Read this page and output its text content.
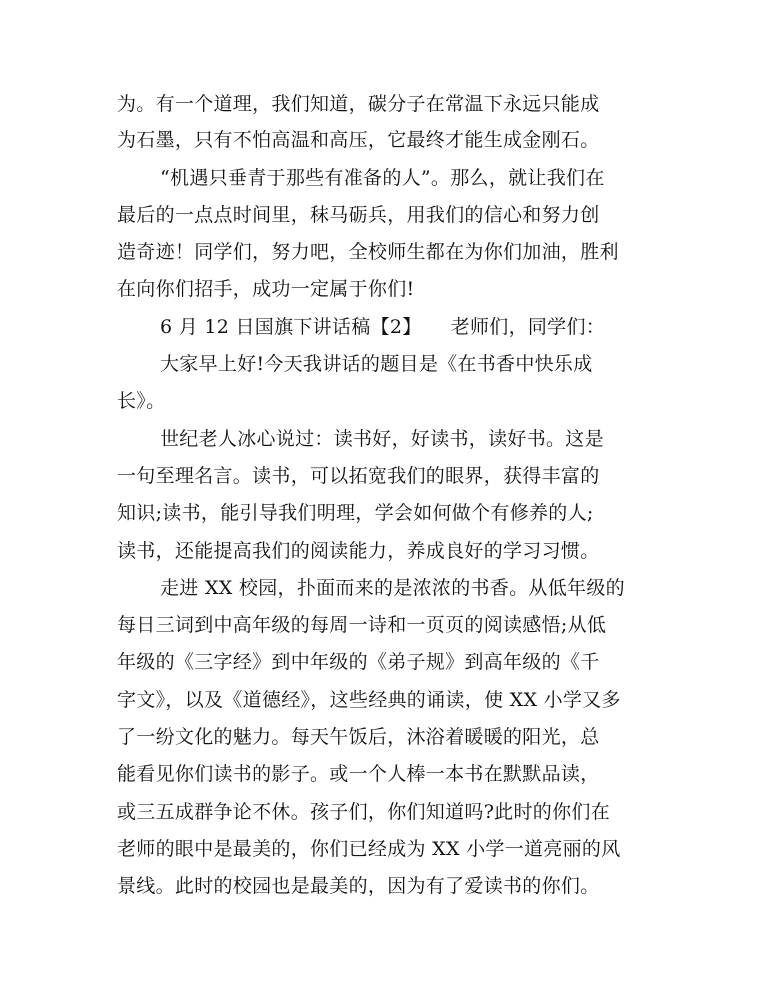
为。有一个道理，我们知道，碳分子在常温下永远只能成
为石墨，只有不怕高温和高压，它最终才能生成金刚石。
“机遇只垂青于那些有准备的人”。那么，就让我们在
最后的一点点时间里，秣马砺兵，用我们的信心和努力创
造奇迹！同学们，努力吧，全校师生都在为你们加油，胜利
在向你们招手，成功一定属于你们!
6 月 12 日国旗下讲话稿【2】　　老师们，同学们：
大家早上好!今天我讲话的题目是《在书香中快乐成
长》。
世纪老人冰心说过：读书好，好读书，读好书。这是
一句至理名言。读书，可以拓宽我们的眼界，获得丰富的
知识;读书，能引导我们明理，学会如何做个有修养的人;
读书，还能提高我们的阅读能力，养成良好的学习习惯。
走进 XX 校园，扑面而来的是浓浓的书香。从低年级的
每日三词到中高年级的每周一诗和一页页的阅读感悟;从低
年级的《三字经》到中年级的《弟子规》到高年级的《千
字文》，以及《道德经》，这些经典的诵读，使 XX 小学又多
了一纷文化的魅力。每天午饭后，沐浴着暖暖的阳光，总
能看见你们读书的影子。或一个人棒一本书在默默品读，
或三五成群争论不休。孩子们，你们知道吗?此时的你们在
老师的眼中是最美的，你们已经成为 XX 小学一道亮丽的风
景线。此时的校园也是最美的，因为有了爱读书的你们。
